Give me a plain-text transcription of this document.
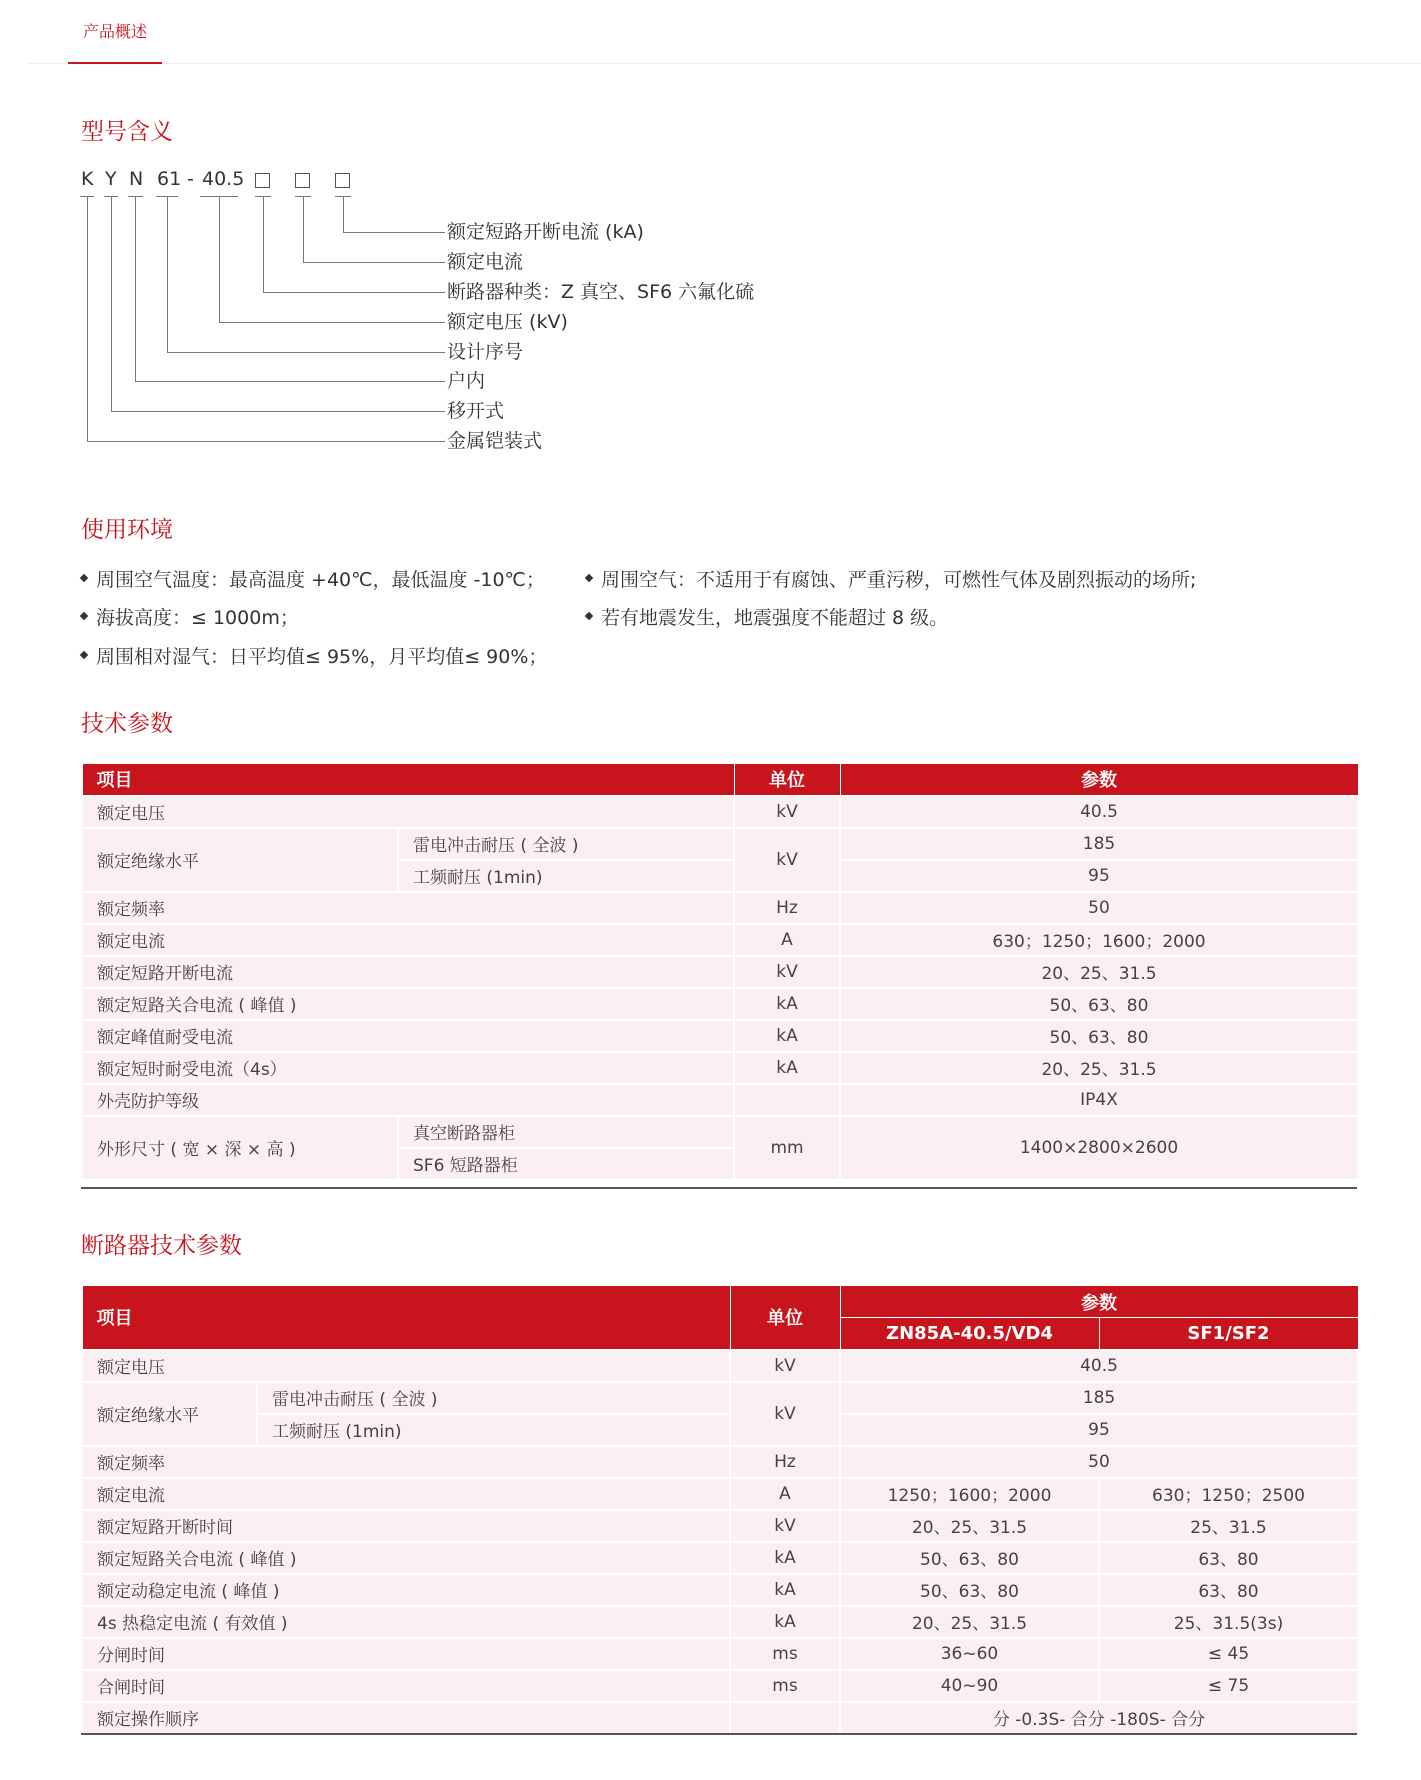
产品概述
型号含义
K Y N 61 - 40.5
额定短路开断电流 (kA)
额定电流
断路器种类：Z 真空、SF6 六氟化硫
额定电压 (kV)
设计序号
户内
移开式
金属铠装式
使用环境
周围空气温度：最高温度 +40℃，最低温度 -10℃；
海拔高度：≤ 1000m；
周围相对湿气：日平均值≤ 95%，月平均值≤ 90%；
周围空气：不适用于有腐蚀、严重污秽，可燃性气体及剧烈振动的场所;
若有地震发生，地震强度不能超过 8 级。
技术参数
项目		单位	参数
额定电压		kV	40.5
额定绝缘水平	雷电冲击耐压 ( 全波 )	kV	185
	工频耐压 (1min)		95
额定频率		Hz	50
额定电流		A	630；1250；1600；2000
额定短路开断电流		kV	20、25、31.5
额定短路关合电流 ( 峰值 )		kA	50、63、80
额定峰值耐受电流		kA	50、63、80
额定短时耐受电流（4s）		kA	20、25、31.5
外壳防护等级			IP4X
外形尺寸 ( 宽 × 深 × 高 )	真空断路器柜	mm	1400×2800×2600
	SF6 短路器柜		
断路器技术参数
项目		单位	参数	
			ZN85A-40.5/VD4	SF1/SF2
额定电压		kV	40.5	
额定绝缘水平	雷电冲击耐压 ( 全波 )	kV	185	
	工频耐压 (1min)		95	
额定频率		Hz	50	
额定电流		A	1250；1600；2000	630；1250；2500
额定短路开断时间		kV	20、25、31.5	25、31.5
额定短路关合电流 ( 峰值 )		kA	50、63、80	63、80
额定动稳定电流 ( 峰值 )		kA	50、63、80	63、80
4s 热稳定电流 ( 有效值 )		kA	20、25、31.5	25、31.5(3s)
分闸时间		ms	36~60	≤ 45
合闸时间		ms	40~90	≤ 75
额定操作顺序			分 -0.3S- 合分 -180S- 合分	
